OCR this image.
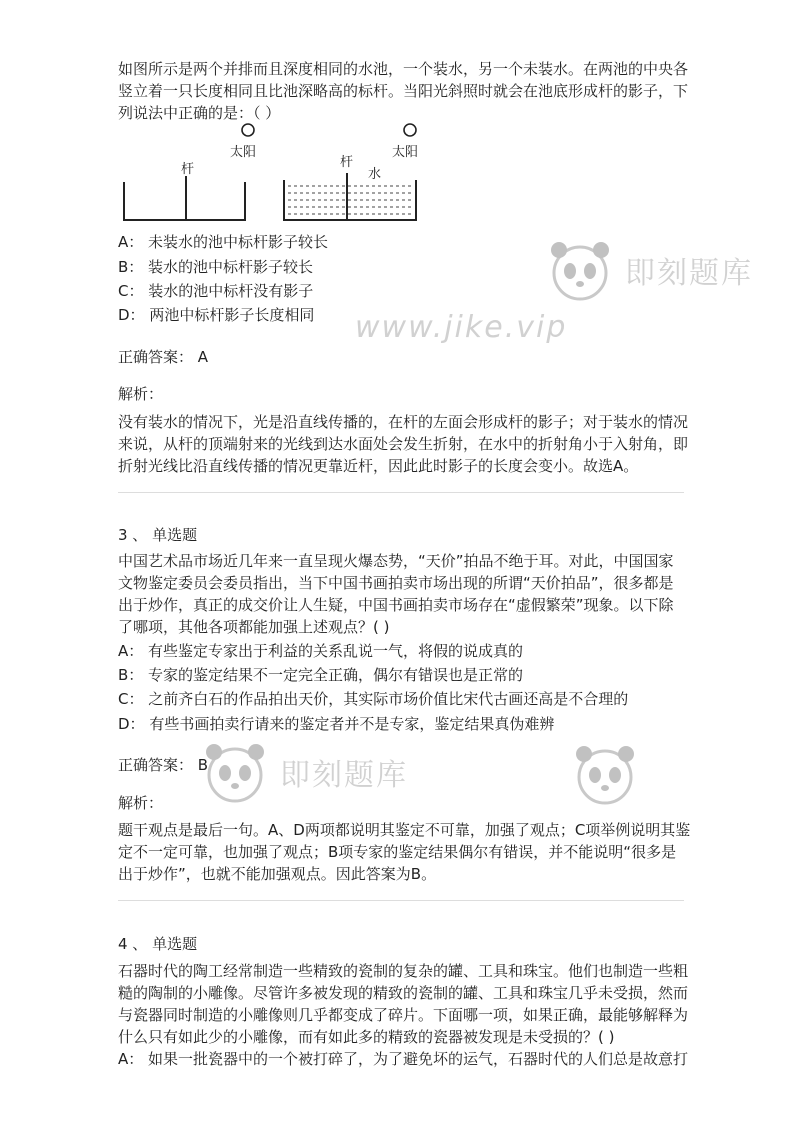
如图所示是两个并排而且深度相同的水池，一个装水，另一个未装水。在两池的中央各
竖立着一只长度相同且比池深略高的标杆。当阳光斜照时就会在池底形成杆的影子，下
列说法中正确的是：（ ）
太阳
杆
太阳
杆
水
A： 未装水的池中标杆影子较长
B： 装水的池中标杆影子较长
C： 装水的池中标杆没有影子
D： 两池中标杆影子长度相同
正确答案： A
解析：
没有装水的情况下，光是沿直线传播的，在杆的左面会形成杆的影子；对于装水的情况
来说，从杆的顶端射来的光线到达水面处会发生折射，在水中的折射角小于入射角，即
折射光线比沿直线传播的情况更靠近杆，因此此时影子的长度会变小。故选A。
3 、 单选题
中国艺术品市场近几年来一直呈现火爆态势，“天价”拍品不绝于耳。对此，中国国家
文物鉴定委员会委员指出，当下中国书画拍卖市场出现的所谓“天价拍品”，很多都是
出于炒作，真正的成交价让人生疑，中国书画拍卖市场存在“虚假繁荣”现象。以下除
了哪项，其他各项都能加强上述观点？( )
A： 有些鉴定专家出于利益的关系乱说一气，将假的说成真的
B： 专家的鉴定结果不一定完全正确，偶尔有错误也是正常的
C： 之前齐白石的作品拍出天价，其实际市场价值比宋代古画还高是不合理的
D： 有些书画拍卖行请来的鉴定者并不是专家，鉴定结果真伪难辨
正确答案： B
解析：
题干观点是最后一句。A、D两项都说明其鉴定不可靠，加强了观点；C项举例说明其鉴
定不一定可靠，也加强了观点；B项专家的鉴定结果偶尔有错误，并不能说明“很多是
出于炒作”，也就不能加强观点。因此答案为B。
4 、 单选题
石器时代的陶工经常制造一些精致的瓷制的复杂的罐、工具和珠宝。他们也制造一些粗
糙的陶制的小雕像。尽管许多被发现的精致的瓷制的罐、工具和珠宝几乎未受损，然而
与瓷器同时制造的小雕像则几乎都变成了碎片。下面哪一项，如果正确，最能够解释为
什么只有如此少的小雕像，而有如此多的精致的瓷器被发现是未受损的？( )
A： 如果一批瓷器中的一个被打碎了，为了避免坏的运气，石器时代的人们总是故意打
即刻题库
www.jike.vip
即刻题库
